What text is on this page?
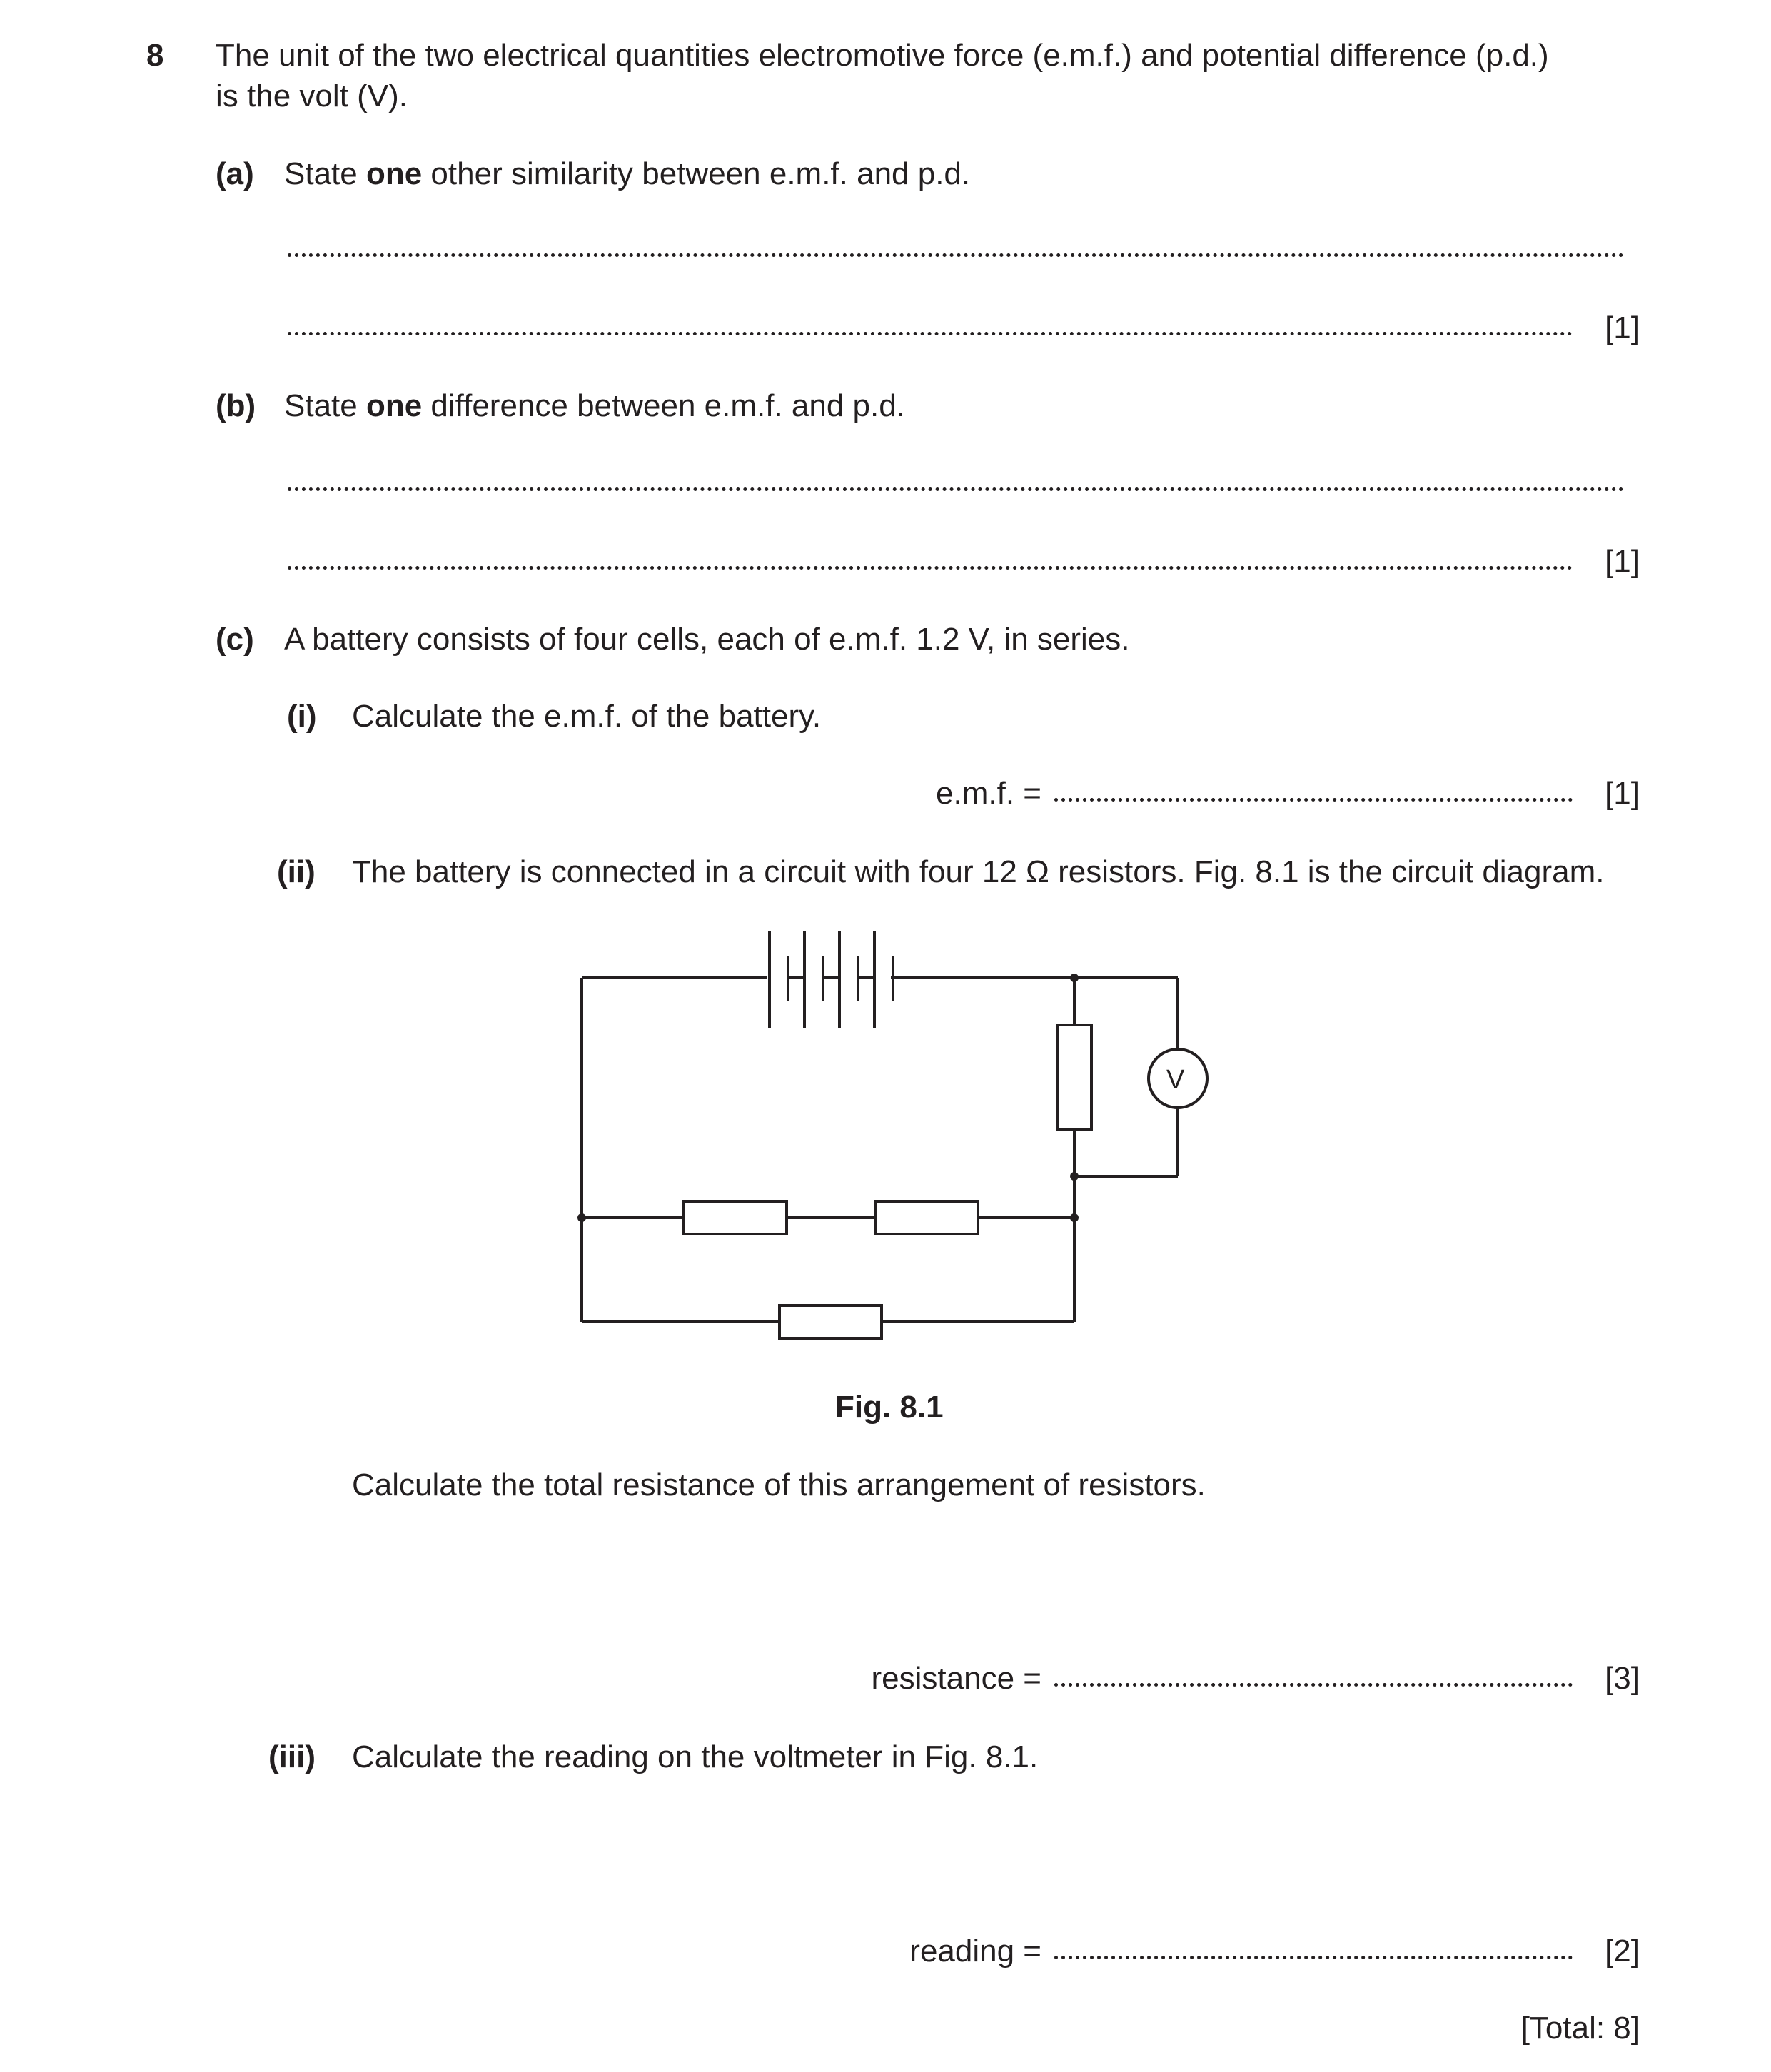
8 The unit of the two electrical quantities electromotive force (e.m.f.) and potential difference (p.d.)
is the volt (V).
(a) State one other similarity between e.m.f. and p.d.
[1]
(b) State one difference between e.m.f. and p.d.
[1]
(c) A battery consists of four cells, each of e.m.f. 1.2 V, in series.
(i) Calculate the e.m.f. of the battery.
e.m.f. =	[1]
(ii) The battery is connected in a circuit with four 12 Ω resistors. Fig. 8.1 is the circuit diagram.
V
Fig. 8.1
Calculate the total resistance of this arrangement of resistors.
resistance =	[3]
(iii) Calculate the reading on the voltmeter in Fig. 8.1.
reading =	[2]
[Total: 8]
